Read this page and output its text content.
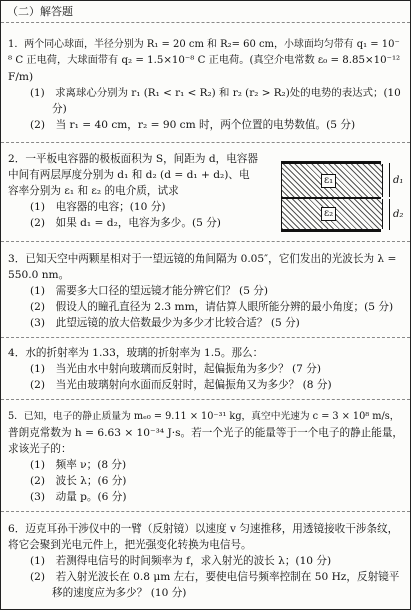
（二）解答题
1．两个同心球面，半径分别为 R₁ = 20 cm 和 R₂= 60 cm，小球面均匀带有 q₁ = 10⁻
⁸ C 正电荷，大球面带有 q₂ = 1.5×10⁻⁸ C 正电荷。(真空介电常数 ε₀ = 8.85×10⁻¹²
F/m)
(1)　求离球心分别为 r₁ (R₁ < r₁ < R₂) 和 r₂ (r₂ > R₂)处的电势的表达式；(10
分)
(2)　当 r₁ = 40 cm，r₂ = 90 cm 时，两个位置的电势数值。(5 分)
2．一平板电容器的极板面积为 S，间距为 d，电容器
中间有两层厚度分别为 d₁ 和 d₂ (d = d₁ + d₂)、电
容率分别为 ε₁ 和 ε₂ 的电介质，试求
(1)　电容器的电容；(10 分)
(2)　如果 d₁ = d₂，电容为多少。(5 分)
ε₁
ε₂
d₁
d₂
3．已知天空中两颗星相对于一望远镜的角间隔为 0.05″，它们发出的光波长为 λ =
550.0 nm。
(1)　需要多大口径的望远镜才能分辨它们？ (5 分)
(2)　假设人的瞳孔直径为 2.3 mm，请估算人眼所能分辨的最小角度；(5 分)
(3)　此望远镜的放大倍数最少为多少才比较合适？ (5 分)
4．水的折射率为 1.33，玻璃的折射率为 1.5。那么：
(1)　当光由水中射向玻璃而反射时，起偏振角为多少？ (7 分)
(2)　当光由玻璃射向水面而反射时，起偏振角又为多少？ (8 分)
5．已知，电子的静止质量为 mₑ₀ = 9.11 × 10⁻³¹ kg，真空中光速为 c = 3 × 10⁸ m/s，
普朗克常数为 h = 6.63 × 10⁻³⁴ J·s。若一个光子的能量等于一个电子的静止能量，
求该光子的：
(1)　频率 ν；(8 分)
(2)　波长 λ；(6 分)
(3)　动量 p。(6 分)
6．迈克耳孙干涉仪中的一臂（反射镜）以速度 v 匀速推移，用透镜接收干涉条纹，
将它会聚到光电元件上，把光强变化转换为电信号。
(1)　若测得电信号的时间频率为 f，求入射光的波长 λ；(10 分)
(2)　若入射光波长在 0.8 μm 左右，要使电信号频率控制在 50 Hz，反射镜平
移的速度应为多少？ (10 分)
